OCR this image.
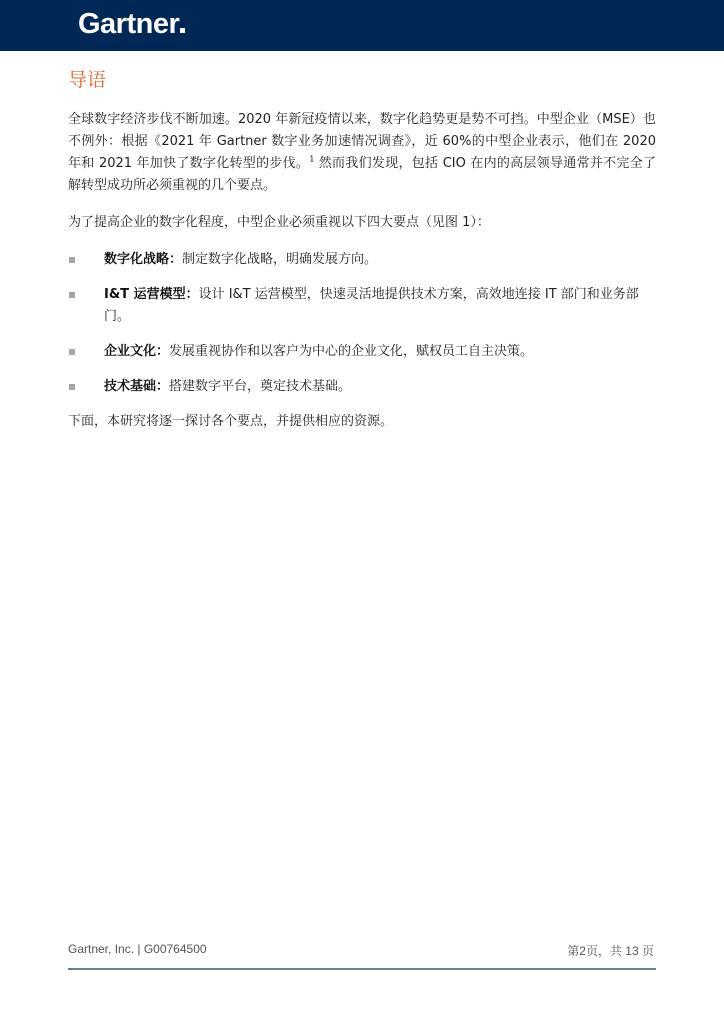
Gartner
导语

全球数字经济步伐不断加速。2020 年新冠疫情以来，数字化趋势更是势不可挡。中型企业（MSE）也不例外：根据《2021 年 Gartner 数字业务加速情况调查》，近 60%的中型企业表示，他们在 2020 年和 2021 年加快了数字化转型的步伐。$^1$ 然而我们发现，包括 CIO 在内的高层领导通常并不完全了解转型成功所必须重视的几个要点。

为了提高企业的数字化程度，中型企业必须重视以下四大要点（见图 1）：

数字化战略：制定数字化战略，明确发展方向。
I&T 运营模型：设计 I&T 运营模型，快速灵活地提供技术方案，高效地连接 IT 部门和业务部门。
企业文化：发展重视协作和以客户为中心的企业文化，赋权员工自主决策。
技术基础：搭建数字平台，奠定技术基础。

下面，本研究将逐一探讨各个要点，并提供相应的资源。

Gartner, Inc. | G00764500	第2页，共 13 页
